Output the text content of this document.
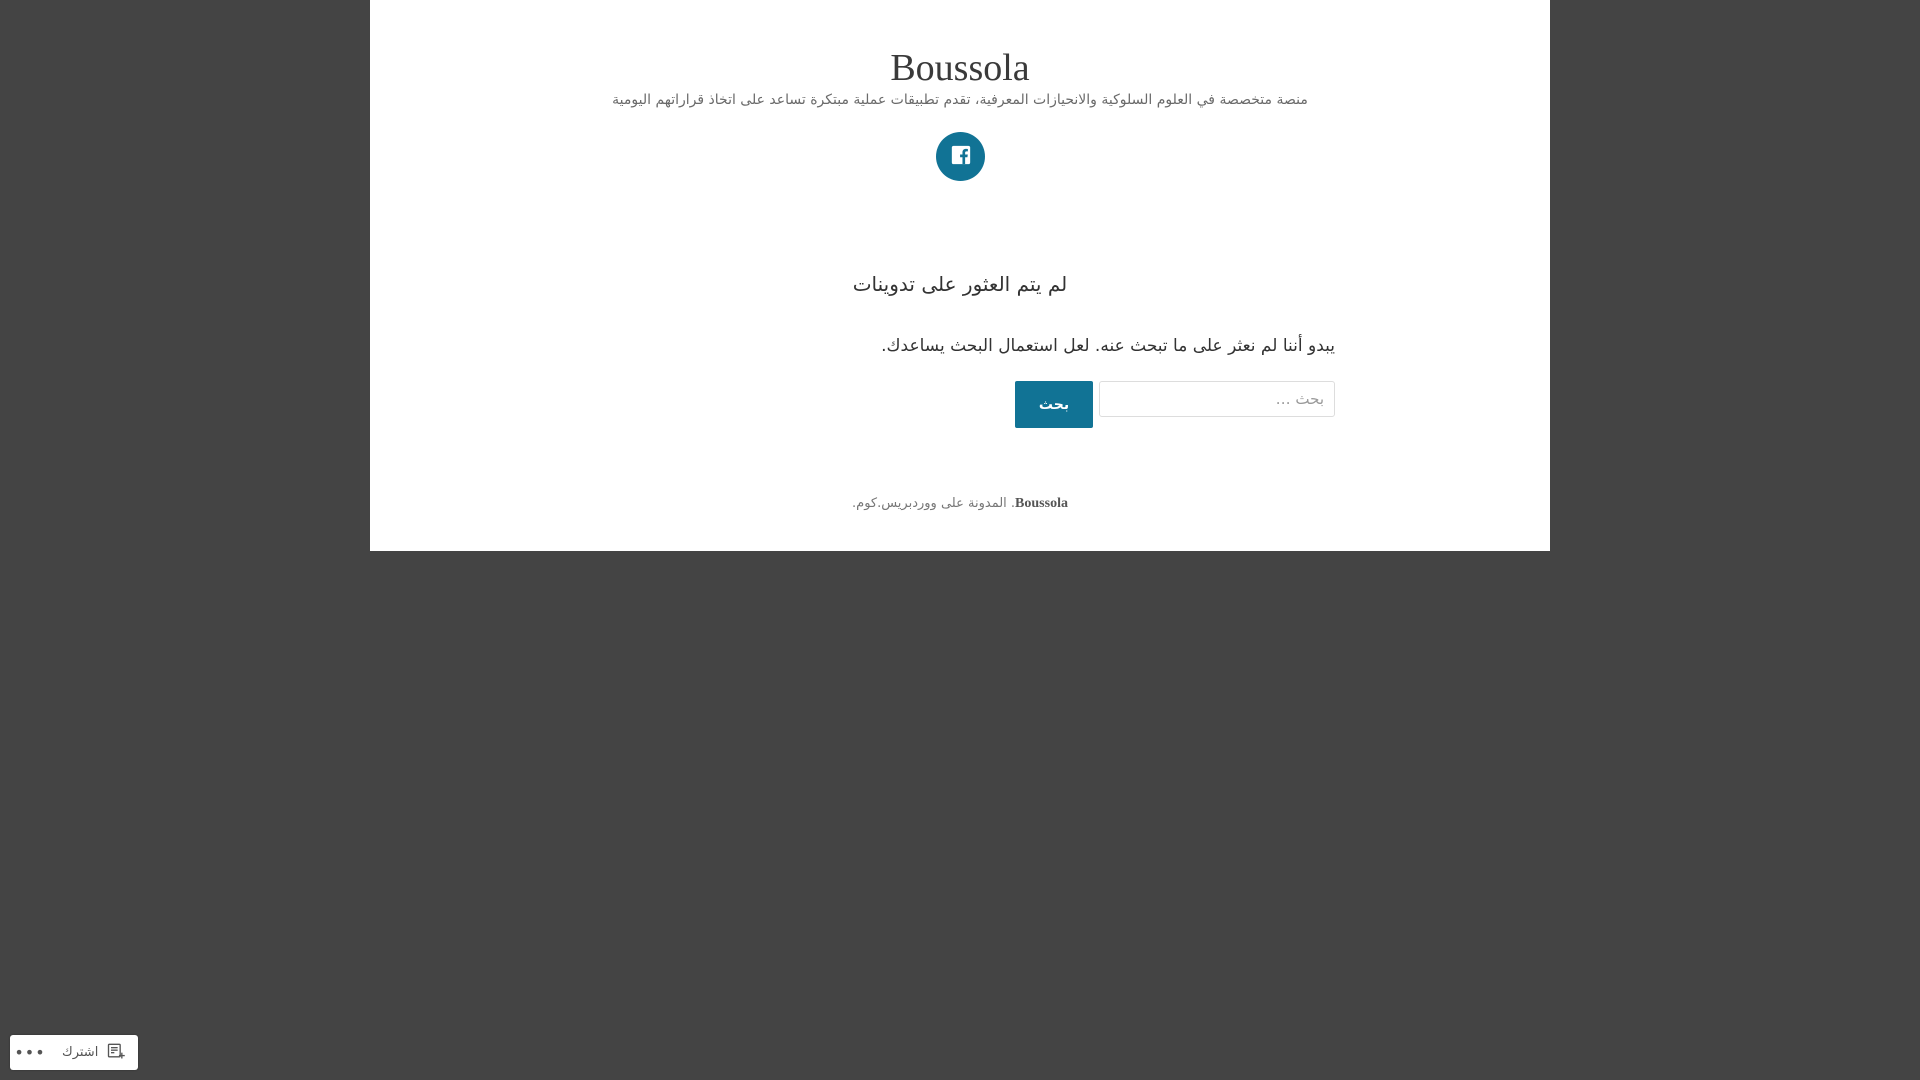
Boussola

منصة متخصصة في العلوم السلوكية والانحيازات المعرفية، تقدم تطبيقات عملية مبتكرة تساعد على اتخاذ قراراتهم اليومية

لم يتم العثور على تدوينات

يبدو أننا لم نعثر على ما تبحث عنه. لعل استعمال البحث يساعدك.

بحث …
بحث
Boussola. المدونة على ووردبريس.كوم.
••• اشترك
